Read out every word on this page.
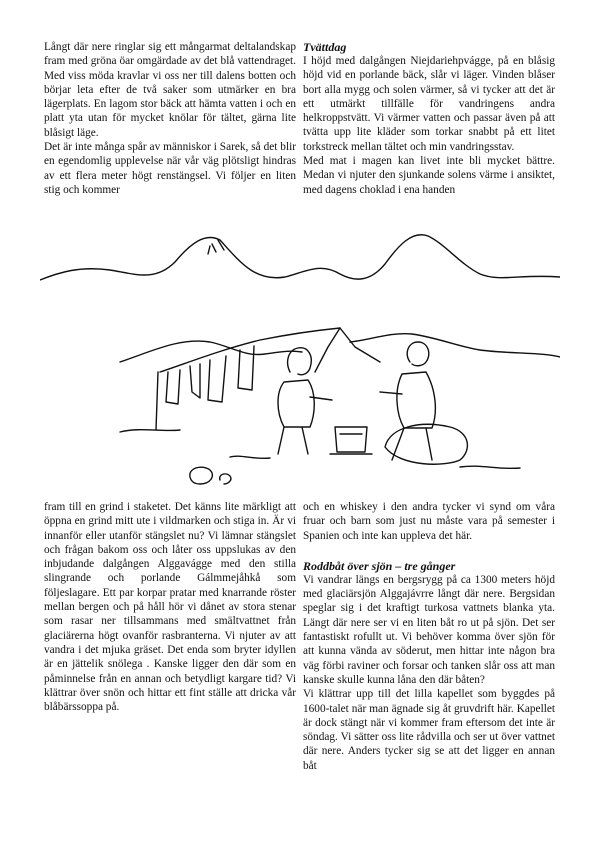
Långt där nere ringlar sig ett mångarmat deltalandskap fram med gröna öar omgärdade av det blå vattendraget. Med viss möda kravlar vi oss ner till dalens botten och börjar leta efter de två saker som utmärker en bra lägerplats. En lagom stor bäck att hämta vatten i och en platt yta utan för mycket knölar för tältet, gärna lite blåsigt läge.

Det är inte många spår av människor i Sarek, så det blir en egendomlig upplevelse när vår väg plötsligt hindras av ett flera meter högt renstängsel. Vi följer en liten stig och kommer

Tvättdag

I höjd med dalgången Niejdariehpvágge, på en blåsig höjd vid en porlande bäck, slår vi läger. Vinden blåser bort alla mygg och solen värmer, så vi tycker att det är ett utmärkt tillfälle för vandringens andra helkroppstvätt. Vi värmer vatten och passar även på att tvätta upp lite kläder som torkar snabbt på ett litet torkstreck mellan tältet och min vandringsstav.

Med mat i magen kan livet inte bli mycket bättre. Medan vi njuter den sjunkande solens värme i ansiktet, med dagens choklad i ena handen

fram till en grind i staketet. Det känns lite märkligt att öppna en grind mitt ute i vildmarken och stiga in. Är vi innanför eller utanför stängslet nu? Vi lämnar stängslet och frågan bakom oss och låter oss uppslukas av den inbjudande dalgången Alggavágge med den stilla slingrande och porlande Gálmmejåhkå som följeslagare. Ett par korpar pratar med knarrande röster mellan bergen och på håll hör vi dånet av stora stenar som rasar ner tillsammans med smältvattnet från glaciärerna högt ovanför rasbranterna. Vi njuter av att vandra i det mjuka gräset. Det enda som bryter idyllen är en jättelik snölega . Kanske ligger den där som en påminnelse från en annan och betydligt kargare tid? Vi klättrar över snön och hittar ett fint ställe att dricka vår blåbärssoppa på.

och en whiskey i den andra tycker vi synd om våra fruar och barn som just nu måste vara på semester i Spanien och inte kan uppleva det här.

Roddbåt över sjön – tre gånger

Vi vandrar längs en bergsrygg på ca 1300 meters höjd med glaciärsjön Alggajávrre långt där nere. Bergsidan speglar sig i det kraftigt turkosa vattnets blanka yta. Längt där nere ser vi en liten båt ro ut på sjön. Det ser fantastiskt rofullt ut. Vi behöver komma över sjön för att kunna vända av söderut, men hittar inte någon bra väg förbi raviner och forsar och tanken slår oss att man kanske skulle kunna låna den där båten?

Vi klättrar upp till det lilla kapellet som byggdes på 1600-talet när man ägnade sig åt gruvdrift här. Kapellet är dock stängt när vi kommer fram eftersom det inte är söndag. Vi sätter oss lite rådvilla och ser ut över vattnet där nere. Anders tycker sig se att det ligger en annan båt
